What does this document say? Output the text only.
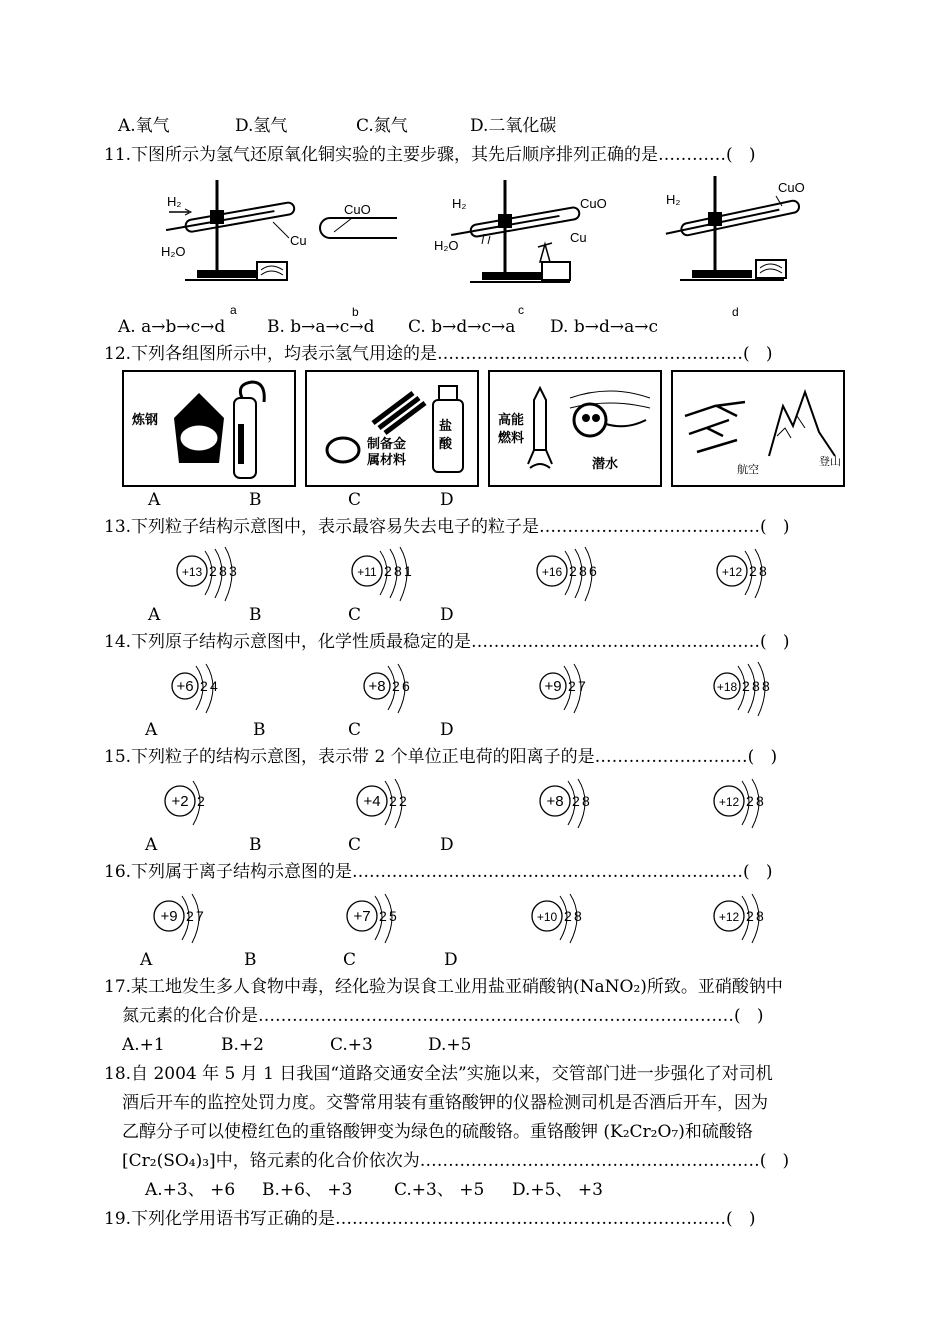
A.氧气	D.氢气	C.氮气	D.二氧化碳
11.下图所示为氢气还原氧化铜实验的主要步骤，其先后顺序排列正确的是…………(   )
H₂
H₂O
Cu
a
CuO
b
H₂
H₂O
CuO
Cu
c
H₂
CuO
d
A. a→b→c→d B. b→a→c→d C. b→d→c→a D. b→d→a→c
12.下列各组图所示中，均表示氢气用途的是………………………………………………(   )
炼钢
制备金
属材料
盐
酸
高能
燃料
潜水	航空
登山
A	B	C	D
13.下列粒子结构示意图中，表示最容易失去电子的粒子是…………………………………(   )
A	B	C	D
14.下列原子结构示意图中，化学性质最稳定的是……………………………………………(   )
A	B	C	D
15.下列粒子的结构示意图，表示带 2 个单位正电荷的阳离子的是………………………(   )
A	B	C	D
16.下列属于离子结构示意图的是……………………………………………………………(   )
A	B	C	D
17.某工地发生多人食物中毒，经化验为误食工业用盐亚硝酸钠(NaNO₂)所致。亚硝酸钠中
氮元素的化合价是…………………………………………………………………………(   )
A.+1	B.+2	C.+3	D.+5
18.自 2004 年 5 月 1 日我国“道路交通安全法”实施以来，交管部门进一步强化了对司机
酒后开车的监控处罚力度。交警常用装有重铬酸钾的仪器检测司机是否酒后开车，因为
乙醇分子可以使橙红色的重铬酸钾变为绿色的硫酸铬。重铬酸钾 (K₂Cr₂O₇)和硫酸铬
[Cr₂(SO₄)₃]中，铬元素的化合价依次为……………………………………………………(   )
A.+3、 +6 B.+6、 +3 C.+3、 +5 D.+5、 +3
19.下列化学用语书写正确的是……………………………………………………………(   )
+13 2 8 3	+11 2 8 1	+16 2 8 6	+12 2 8
+6 2 4	+8 2 6	+9 2 7	+18 2 8 8
+2 2	+4 2 2	+8 2 8	+12 2 8
+9 2 7	+7 2 5	+10 2 8	+12 2 8
